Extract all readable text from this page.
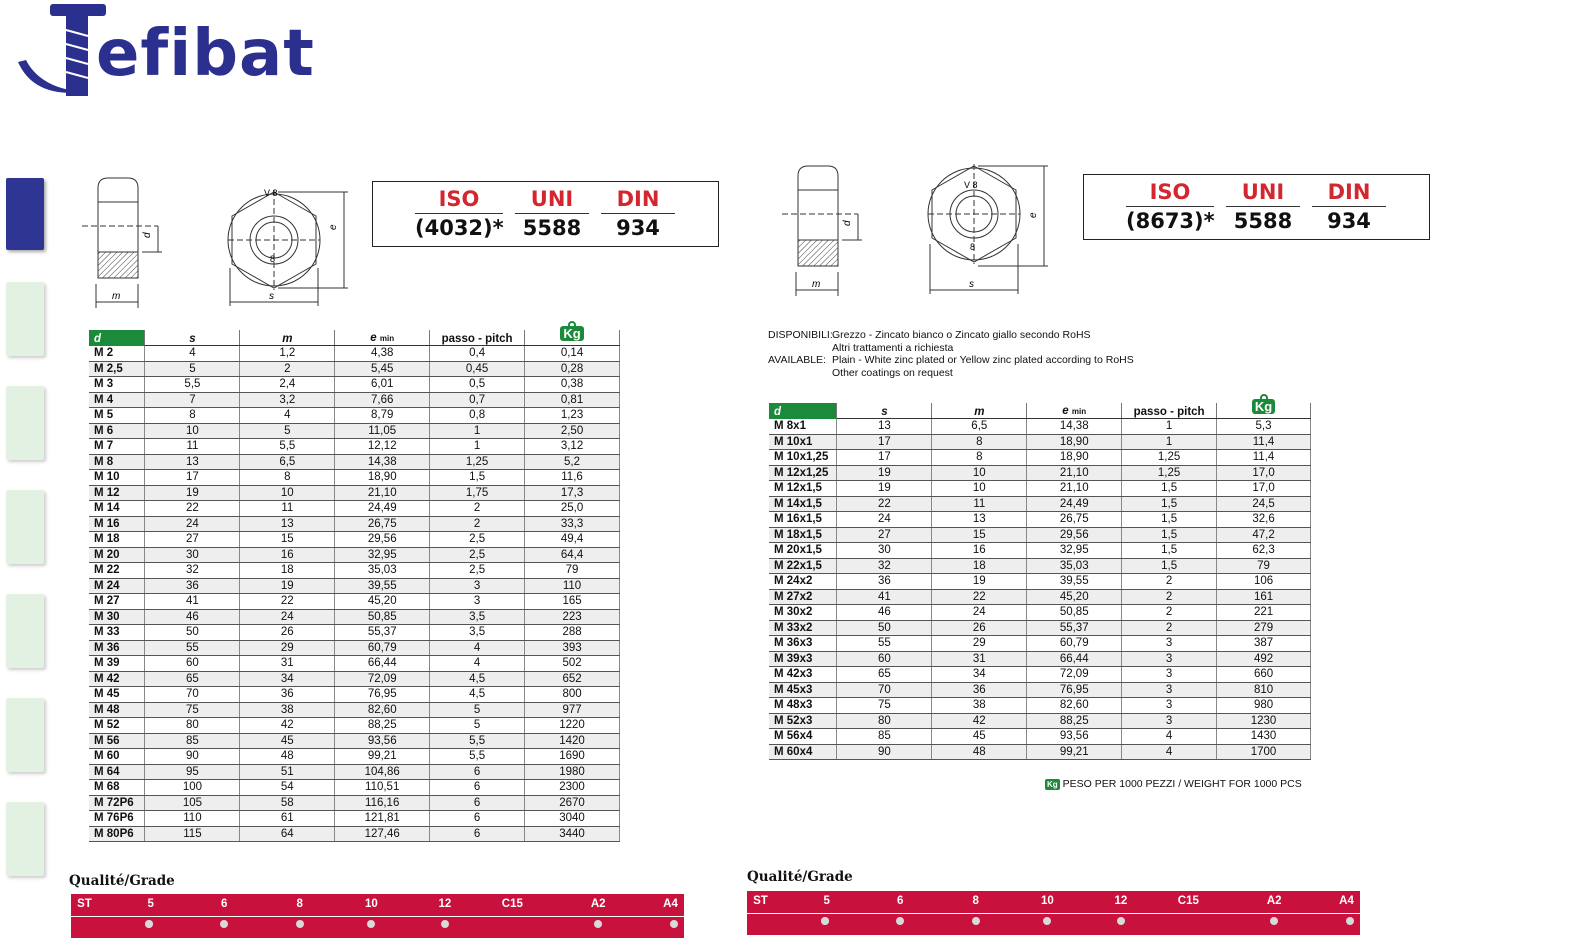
efibat
d
m	s
e
V 8
8
ISO
(4032)*
UNI
5588
DIN
934
d	s	m	e min	passo - pitch	Kg
M 2	4	1,2	4,38	0,4	0,14
M 2,5	5	2	5,45	0,45	0,28
M 3	5,5	2,4	6,01	0,5	0,38
M 4	7	3,2	7,66	0,7	0,81
M 5	8	4	8,79	0,8	1,23
M 6	10	5	11,05	1	2,50
M 7	11	5,5	12,12	1	3,12
M 8	13	6,5	14,38	1,25	5,2
M 10	17	8	18,90	1,5	11,6
M 12	19	10	21,10	1,75	17,3
M 14	22	11	24,49	2	25,0
M 16	24	13	26,75	2	33,3
M 18	27	15	29,56	2,5	49,4
M 20	30	16	32,95	2,5	64,4
M 22	32	18	35,03	2,5	79
M 24	36	19	39,55	3	110
M 27	41	22	45,20	3	165
M 30	46	24	50,85	3,5	223
M 33	50	26	55,37	3,5	288
M 36	55	29	60,79	4	393
M 39	60	31	66,44	4	502
M 42	65	34	72,09	4,5	652
M 45	70	36	76,95	4,5	800
M 48	75	38	82,60	5	977
M 52	80	42	88,25	5	1220
M 56	85	45	93,56	5,5	1420
M 60	90	48	99,21	5,5	1690
M 64	95	51	104,86	6	1980
M 68	100	54	110,51	6	2300
M 72P6	105	58	116,16	6	2670
M 76P6	110	61	121,81	6	3040
M 80P6	115	64	127,46	6	3440
Qualité/Grade
ST	5	6	8	10	12	C15	A2	A4
d
m	s
e
V 8
8
ISO
(8673)*
UNI
5588
DIN
934
DISPONIBILI:Grezzo - Zincato bianco o Zincato giallo secondo RoHS
Altri trattamenti a richiesta
AVAILABLE: Plain - White zinc plated or Yellow zinc plated according to RoHS
Other coatings on request
d	s	m	e min	passo - pitch	Kg
M 8x1	13	6,5	14,38	1	5,3
M 10x1	17	8	18,90	1	11,4
M 10x1,25	17	8	18,90	1,25	11,4
M 12x1,25	19	10	21,10	1,25	17,0
M 12x1,5	19	10	21,10	1,5	17,0
M 14x1,5	22	11	24,49	1,5	24,5
M 16x1,5	24	13	26,75	1,5	32,6
M 18x1,5	27	15	29,56	1,5	47,2
M 20x1,5	30	16	32,95	1,5	62,3
M 22x1,5	32	18	35,03	1,5	79
M 24x2	36	19	39,55	2	106
M 27x2	41	22	45,20	2	161
M 30x2	46	24	50,85	2	221
M 33x2	50	26	55,37	2	279
M 36x3	55	29	60,79	3	387
M 39x3	60	31	66,44	3	492
M 42x3	65	34	72,09	3	660
M 45x3	70	36	76,95	3	810
M 48x3	75	38	82,60	3	980
M 52x3	80	42	88,25	3	1230
M 56x4	85	45	93,56	4	1430
M 60x4	90	48	99,21	4	1700
Kg PESO PER 1000 PEZZI / WEIGHT FOR 1000 PCS
Qualité/Grade
ST	5	6	8	10	12	C15	A2	A4
